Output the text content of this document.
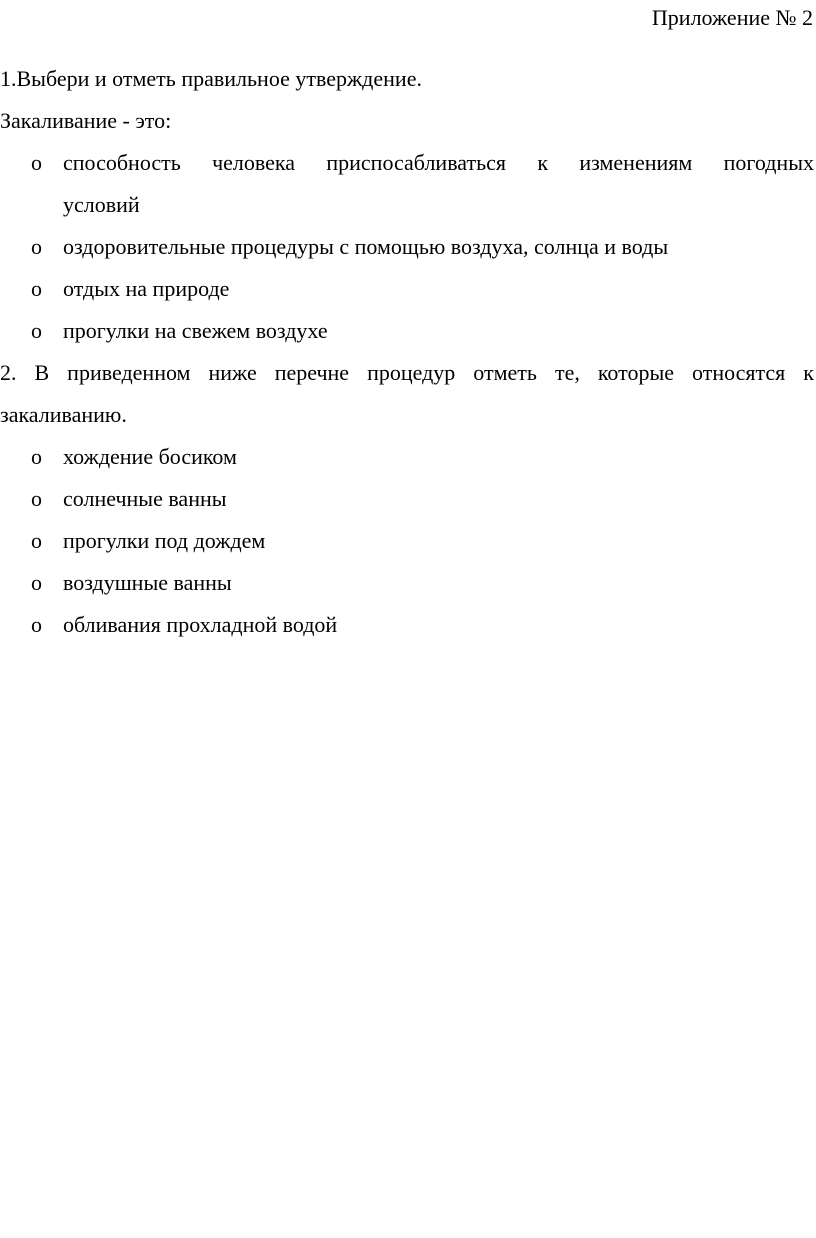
Приложение № 2
1.Выбери и отметь правильное утверждение.
Закаливание - это:
o способность человека приспосабливаться к изменениям погодных
условий
o оздоровительные процедуры с помощью воздуха, солнца и воды
o отдых на природе
o прогулки на свежем воздухе
2. В приведенном ниже перечне процедур отметь те, которые относятся к
закаливанию.
o хождение босиком
o солнечные ванны
o прогулки под дождем
o воздушные ванны
o обливания прохладной водой
